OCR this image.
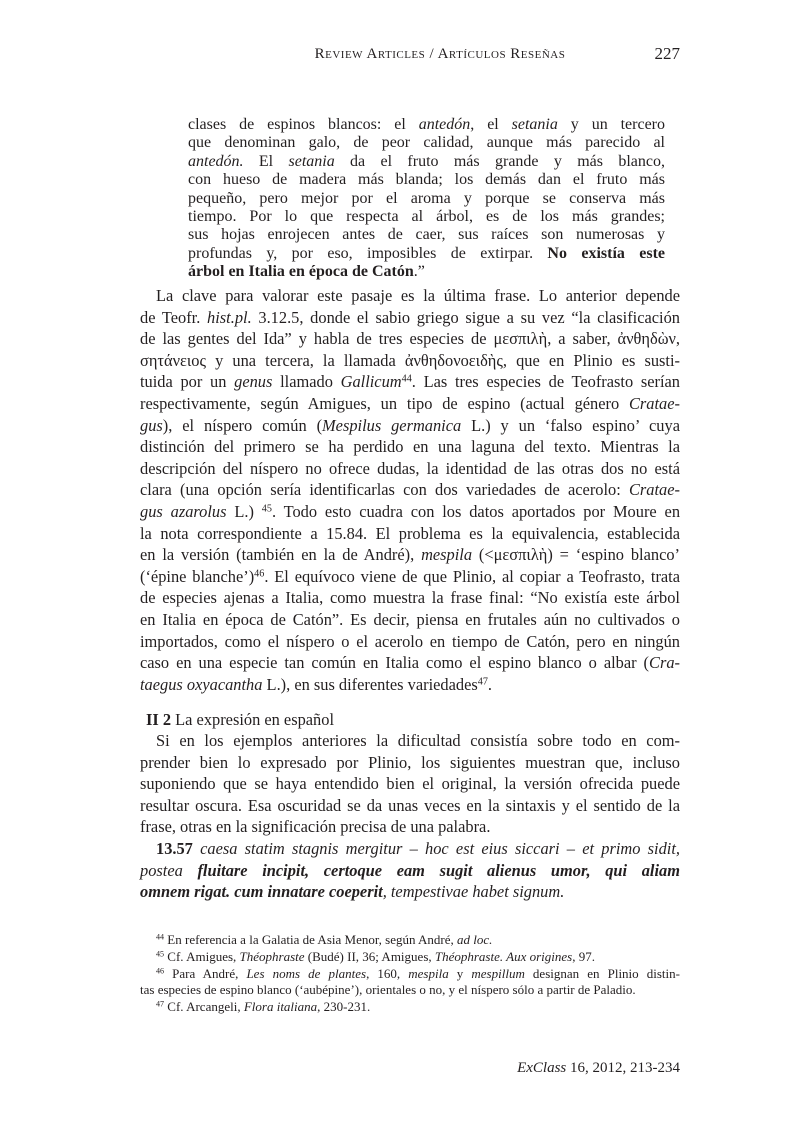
Review Articles / Artículos Reseñas	227
clases de espinos blancos: el antedón, el setania y un tercero
que denominan galo, de peor calidad, aunque más parecido al
antedón. El setania da el fruto más grande y más blanco,
con hueso de madera más blanda; los demás dan el fruto más
pequeño, pero mejor por el aroma y porque se conserva más
tiempo. Por lo que respecta al árbol, es de los más grandes;
sus hojas enrojecen antes de caer, sus raíces son numerosas y
profundas y, por eso, imposibles de extirpar. No existía este
árbol en Italia en época de Catón.”
La clave para valorar este pasaje es la última frase. Lo anterior depende
de Teofr. hist.pl. 3.12.5, donde el sabio griego sigue a su vez “la clasificación
de las gentes del Ida” y habla de tres especies de μεσπιλὴ, a saber, ἀνθηδὼν,
σητάνειος y una tercera, la llamada ἀνθηδονοειδὴς, que en Plinio es susti-
tuida por un genus llamado Gallicum$^{44}$. Las tres especies de Teofrasto serían
respectivamente, según Amigues, un tipo de espino (actual género Cratae-
gus), el níspero común (Mespilus germanica L.) y un ‘falso espino’ cuya
distinción del primero se ha perdido en una laguna del texto. Mientras la
descripción del níspero no ofrece dudas, la identidad de las otras dos no está
clara (una opción sería identificarlas con dos variedades de acerolo: Cratae-
gus azarolus L.) $^{45}$. Todo esto cuadra con los datos aportados por Moure en
la nota correspondiente a 15.84. El problema es la equivalencia, establecida
en la versión (también en la de André), mespila (<μεσπιλὴ) = ‘espino blanco’
(‘épine blanche’)$^{46}$. El equívoco viene de que Plinio, al copiar a Teofrasto, trata
de especies ajenas a Italia, como muestra la frase final: “No existía este árbol
en Italia en época de Catón”. Es decir, piensa en frutales aún no cultivados o
importados, como el níspero o el acerolo en tiempo de Catón, pero en ningún
caso en una especie tan común en Italia como el espino blanco o albar (Cra-
taegus oxyacantha L.), en sus diferentes variedades$^{47}$.
II 2 La expresión en español
Si en los ejemplos anteriores la dificultad consistía sobre todo en com-
prender bien lo expresado por Plinio, los siguientes muestran que, incluso
suponiendo que se haya entendido bien el original, la versión ofrecida puede
resultar oscura. Esa oscuridad se da unas veces en la sintaxis y el sentido de la
frase, otras en la significación precisa de una palabra.
13.57 caesa statim stagnis mergitur – hoc est eius siccari – et primo sidit,
postea fluitare incipit, certoque eam sugit alienus umor, qui aliam
omnem rigat. cum innatare coeperit, tempestivae habet signum.
$^{44}$ En referencia a la Galatia de Asia Menor, según André, ad loc.
$^{45}$ Cf. Amigues, Théophraste (Budé) II, 36; Amigues, Théophraste. Aux origines, 97.
$^{46}$ Para André, Les noms de plantes, 160, mespila y mespillum designan en Plinio distin-
tas especies de espino blanco (‘aubépine’), orientales o no, y el níspero sólo a partir de Paladio.
$^{47}$ Cf. Arcangeli, Flora italiana, 230-231.
ExClass 16, 2012, 213-234
